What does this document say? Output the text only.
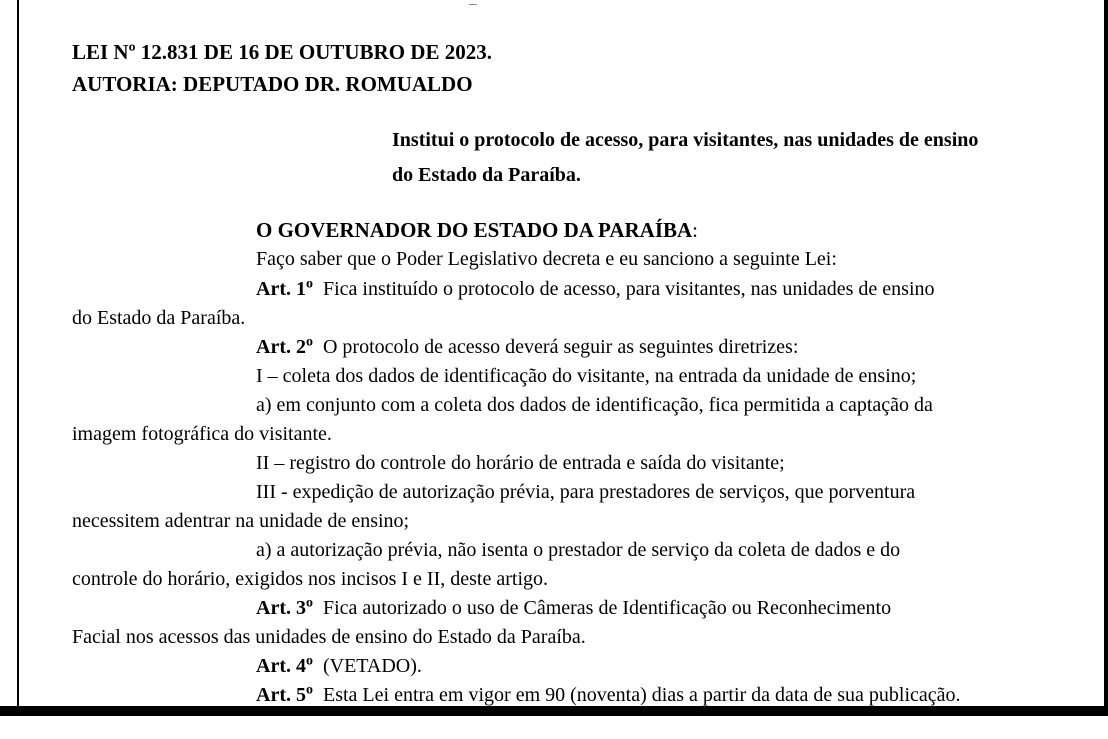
LEI Nº 12.831 DE 16 DE OUTUBRO DE 2023.
AUTORIA: DEPUTADO DR. ROMUALDO
Institui o protocolo de acesso, para visitantes, nas unidades de ensino
do Estado da Paraíba.
O GOVERNADOR DO ESTADO DA PARAÍBA:
Faço saber que o Poder Legislativo decreta e eu sanciono a seguinte Lei:
Art. 1$^o$ Fica instituído o protocolo de acesso, para visitantes, nas unidades de ensino
do Estado da Paraíba.
Art. 2$^o$ O protocolo de acesso deverá seguir as seguintes diretrizes:
I – coleta dos dados de identificação do visitante, na entrada da unidade de ensino;
a) em conjunto com a coleta dos dados de identificação, fica permitida a captação da
imagem fotográfica do visitante.
II – registro do controle do horário de entrada e saída do visitante;
III - expedição de autorização prévia, para prestadores de serviços, que porventura
necessitem adentrar na unidade de ensino;
a) a autorização prévia, não isenta o prestador de serviço da coleta de dados e do
controle do horário, exigidos nos incisos I e II, deste artigo.
Art. 3$^o$ Fica autorizado o uso de Câmeras de Identificação ou Reconhecimento
Facial nos acessos das unidades de ensino do Estado da Paraíba.
Art. 4$^o$ (VETADO).
Art. 5$^o$ Esta Lei entra em vigor em 90 (noventa) dias a partir da data de sua publicação.
